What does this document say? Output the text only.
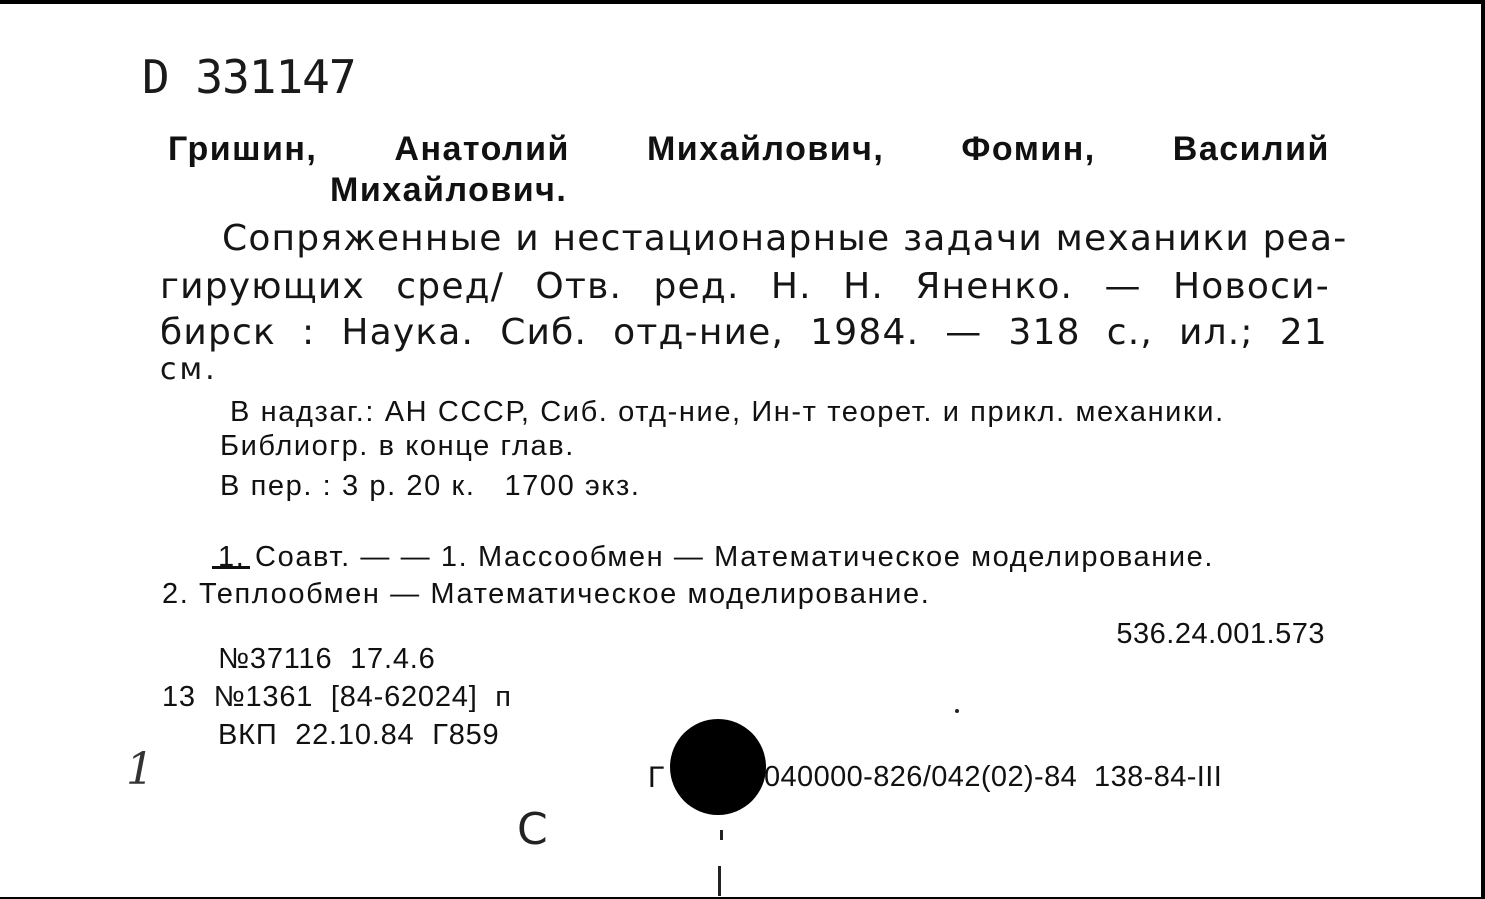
D 331147
Гришин, Анатолий Михайлович, Фомин, Василий
Михайлович.
Сопряженные и нестационарные задачи механики реа-
гирующих сред/ Отв. ред. Н. Н. Яненко. — Новоси-
бирск : Наука. Сиб. отд-ние, 1984. — 318 с., ил.; 21
см.
В надзаг.: АН СССР, Сиб. отд-ние, Ин-т теорет. и прикл. механики.
Библиогр. в конце глав.
В пер. : 3 р. 20 к.   1700 экз.
1. Соавт. — — 1. Массообмен — Математическое моделирование.
2. Теплообмен — Математическое моделирование.
536.24.001.573
№37116  17.4.6
13  №1361  [84-62024]  п
ВКП  22.10.84  Г859
1	Г	040000-826/042(02)-84  138-84-III
С
